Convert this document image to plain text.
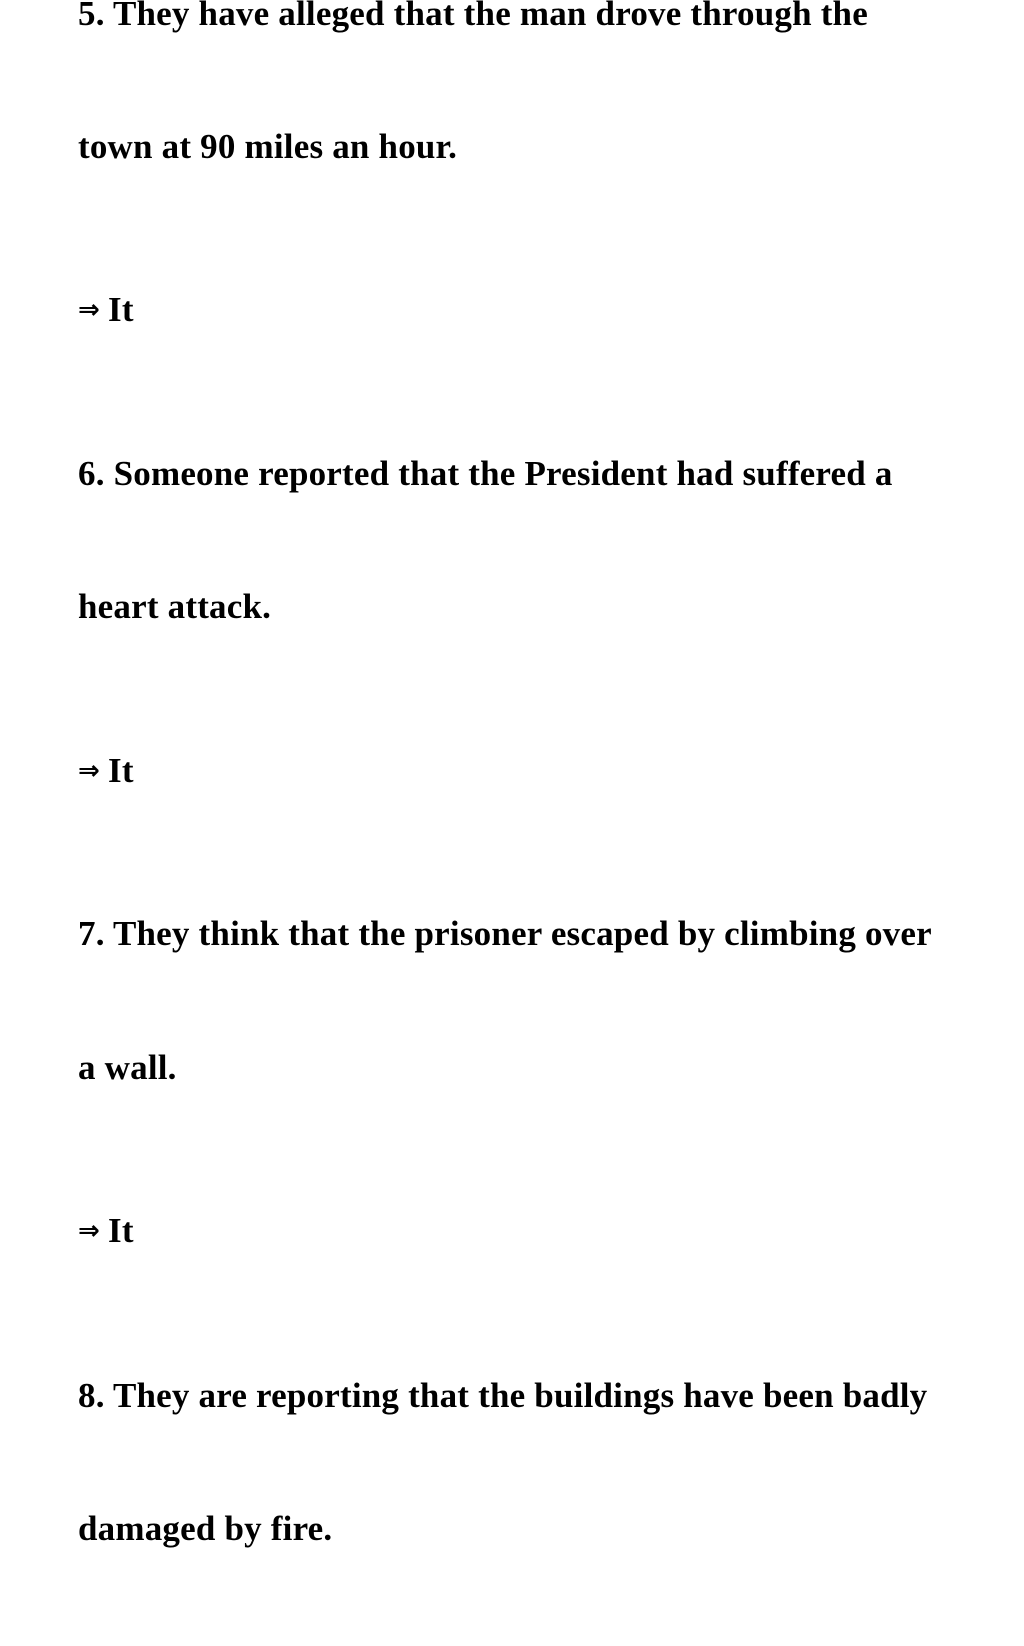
5. They have alleged that the man drove through the
town at 90 miles an hour.
⇒ It
6. Someone reported that the President had suffered a
heart attack.
⇒ It
7. They think that the prisoner escaped by climbing over
a wall.
⇒ It
8. They are reporting that the buildings have been badly
damaged by fire.
